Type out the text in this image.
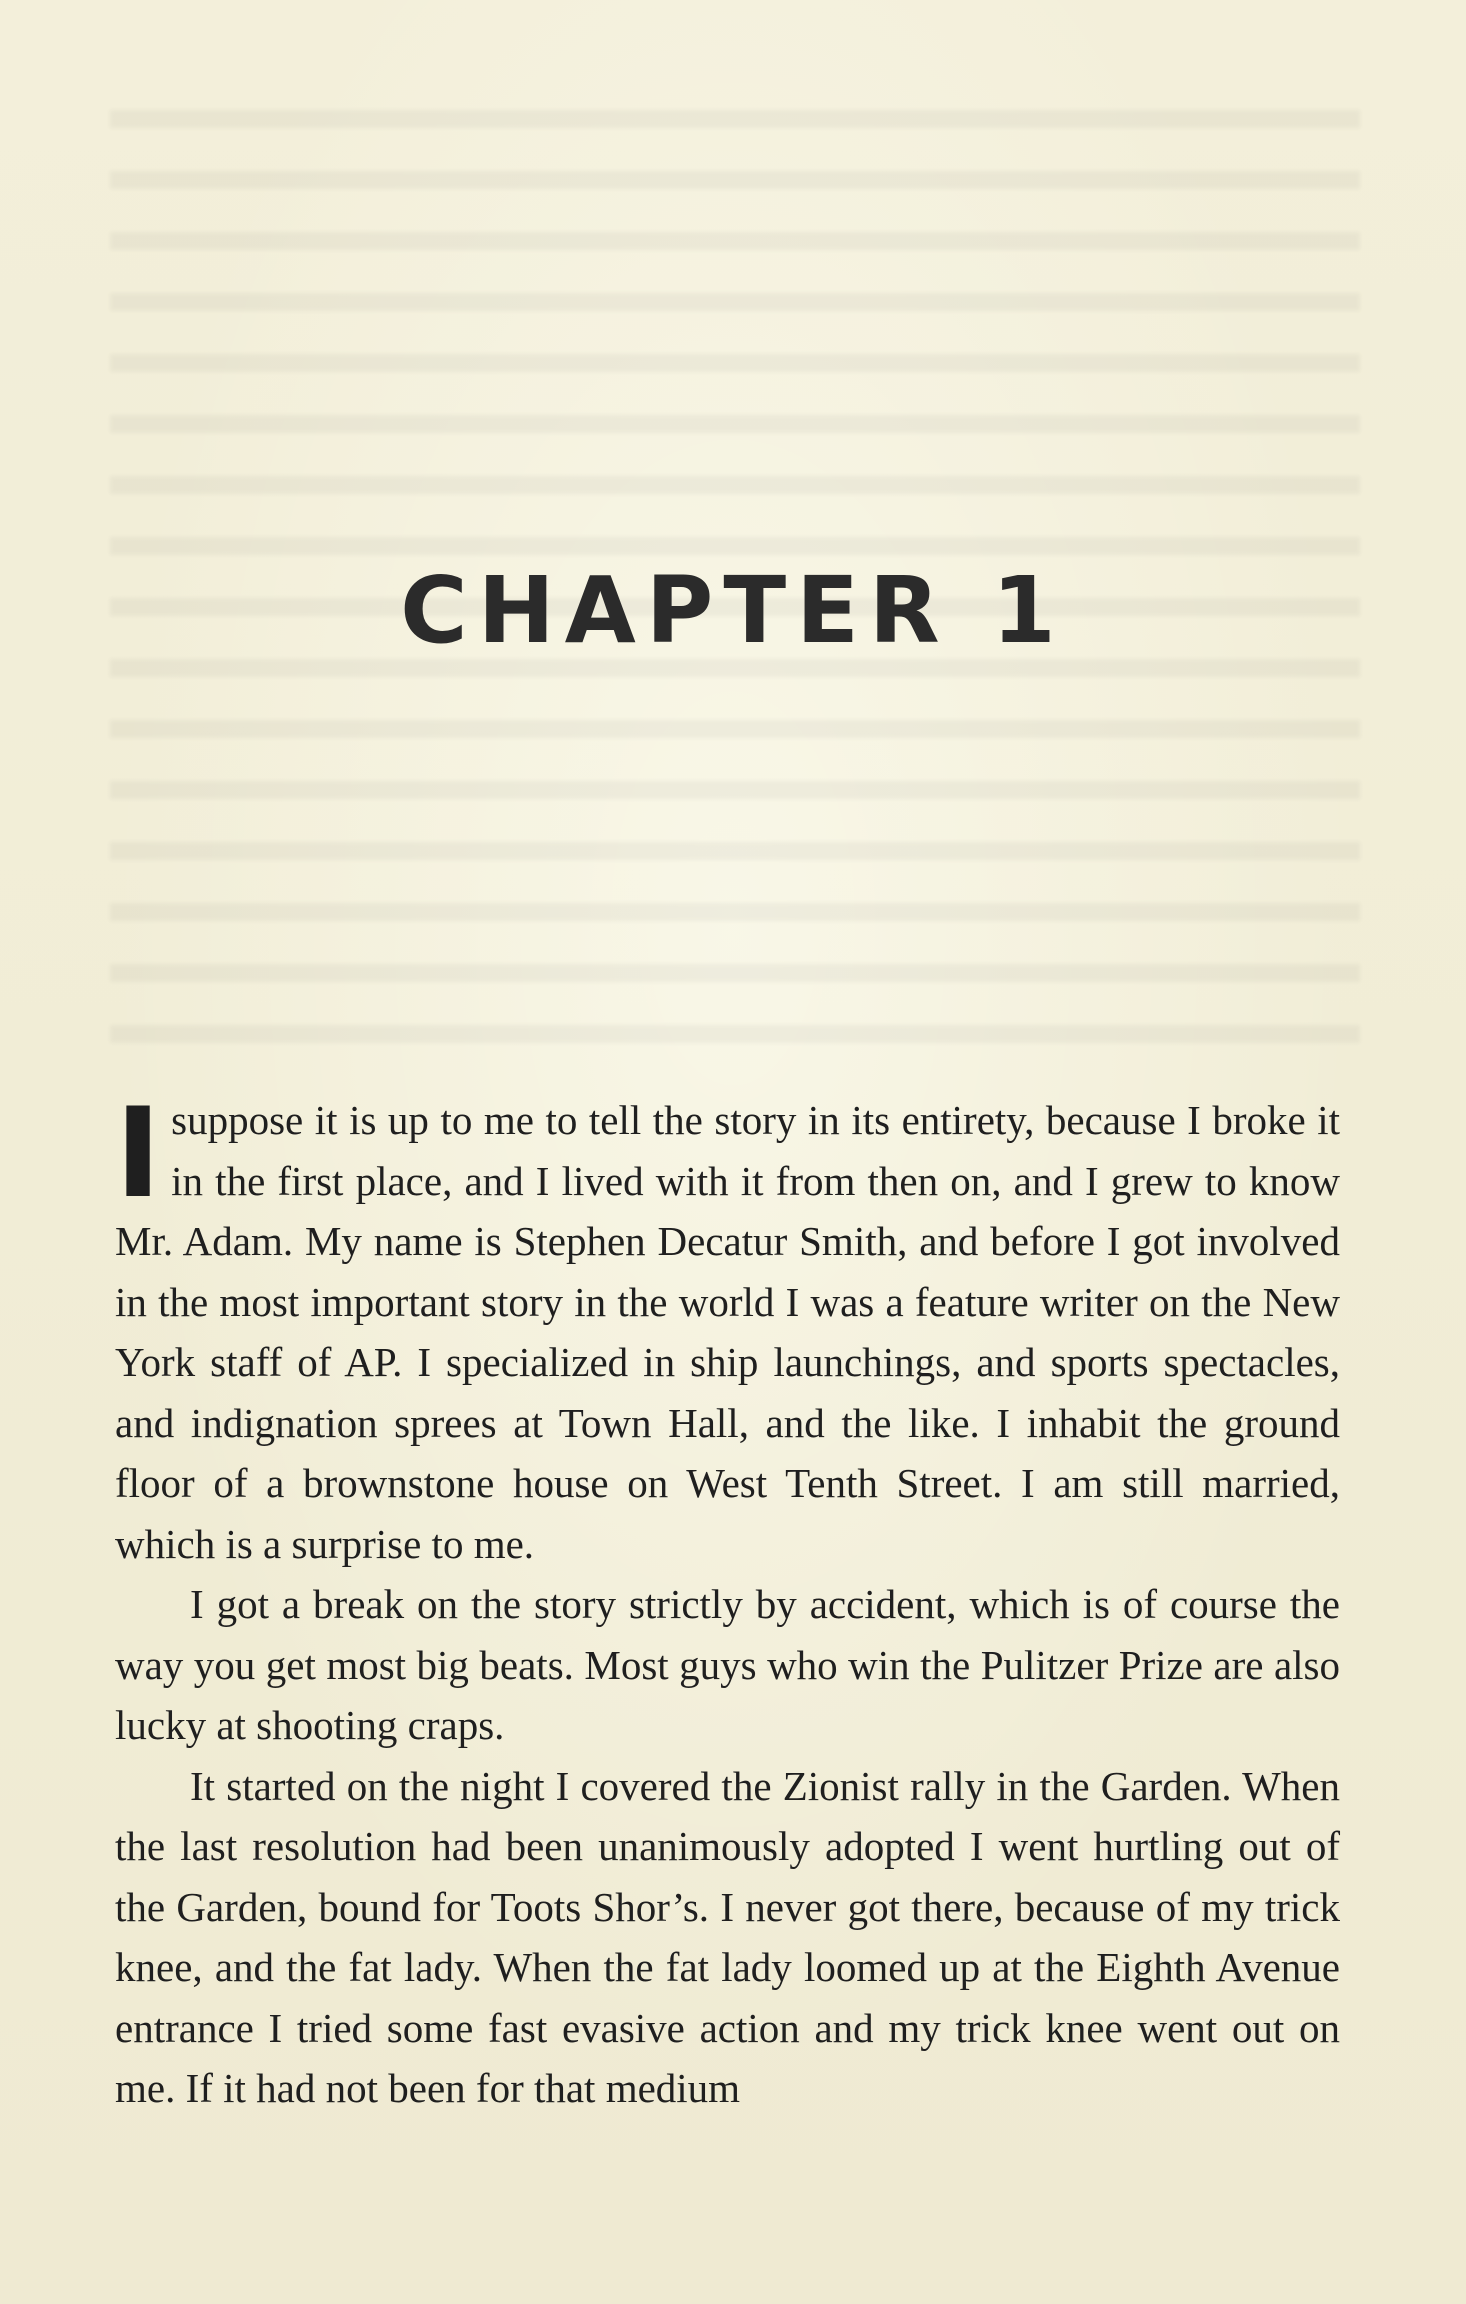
CHAPTER 1

I suppose it is up to me to tell the story in its entirety, because I broke it in the first place, and I lived with it from then on, and I grew to know Mr. Adam. My name is Stephen Decatur Smith, and before I got involved in the most important story in the world I was a feature writer on the New York staff of AP. I specialized in ship launchings, and sports spectacles, and indignation sprees at Town Hall, and the like. I inhabit the ground floor of a brownstone house on West Tenth Street. I am still married, which is a surprise to me.

I got a break on the story strictly by accident, which is of course the way you get most big beats. Most guys who win the Pulitzer Prize are also lucky at shooting craps.

It started on the night I covered the Zionist rally in the Garden. When the last resolution had been unanimously adopted I went hurtling out of the Garden, bound for Toots Shor’s. I never got there, because of my trick knee, and the fat lady. When the fat lady loomed up at the Eighth Avenue entrance I tried some fast evasive action and my trick knee went out on me. If it had not been for that medium
